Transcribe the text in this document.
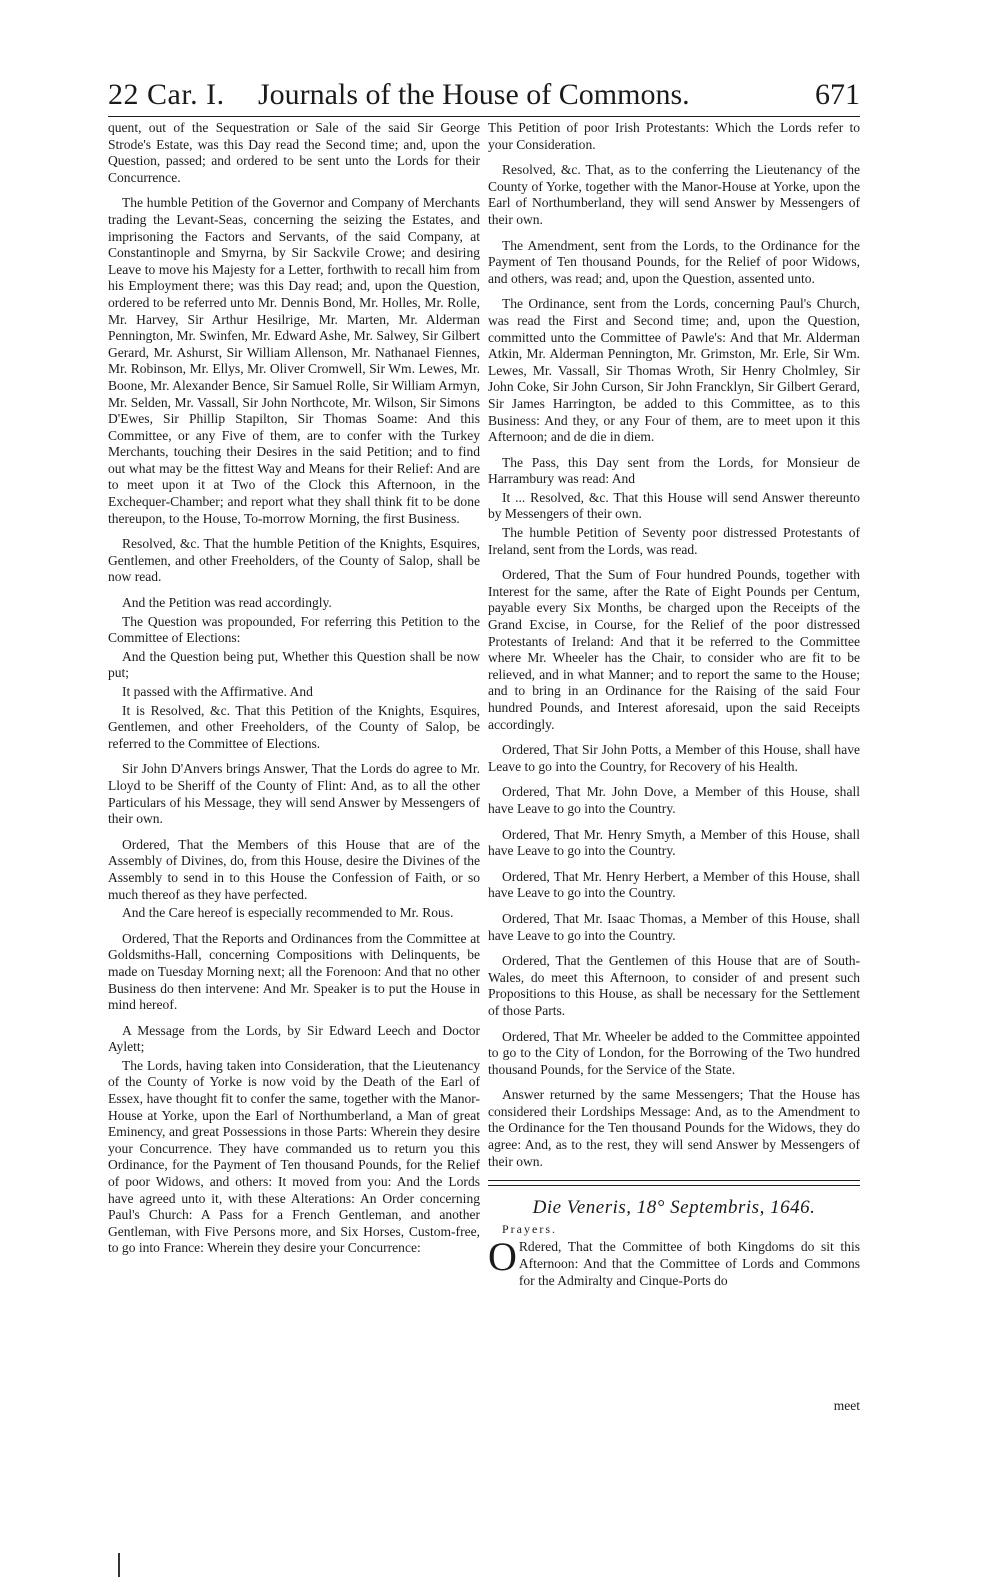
22 Car. I. Journals of the House of Commons.	671

quent, out of the Sequestration or Sale of the said Sir George Strode's Estate, was this Day read the Second time; and, upon the Question, passed; and ordered to be sent unto the Lords for their Concurrence.

The humble Petition of the Governor and Company of Merchants trading the Levant-Seas, concerning the seizing the Estates, and imprisoning the Factors and Servants, of the said Company, at Constantinople and Smyrna, by Sir Sackvile Crowe; and desiring Leave to move his Majesty for a Letter, forthwith to recall him from his Employment there; was this Day read; and, upon the Question, ordered to be referred unto Mr. Dennis Bond, Mr. Holles, Mr. Rolle, Mr. Harvey, Sir Arthur Hesilrige, Mr. Marten, Mr. Alderman Pennington, Mr. Swinfen, Mr. Edward Ashe, Mr. Salwey, Sir Gilbert Gerard, Mr. Ashurst, Sir William Allenson, Mr. Nathanael Fiennes, Mr. Robinson, Mr. Ellys, Mr. Oliver Cromwell, Sir Wm. Lewes, Mr. Boone, Mr. Alexander Bence, Sir Samuel Rolle, Sir William Armyn, Mr. Selden, Mr. Vassall, Sir John Northcote, Mr. Wilson, Sir Simons D'Ewes, Sir Phillip Stapilton, Sir Thomas Soame: And this Committee, or any Five of them, are to confer with the Turkey Merchants, touching their Desires in the said Petition; and to find out what may be the fittest Way and Means for their Relief: And are to meet upon it at Two of the Clock this Afternoon, in the Exchequer-Chamber; and report what they shall think fit to be done thereupon, to the House, To-morrow Morning, the first Business.

Resolved, &c. That the humble Petition of the Knights, Esquires, Gentlemen, and other Freeholders, of the County of Salop, shall be now read.

And the Petition was read accordingly.

The Question was propounded, For referring this Petition to the Committee of Elections:

And the Question being put, Whether this Question shall be now put;

It passed with the Affirmative. And

It is Resolved, &c. That this Petition of the Knights, Esquires, Gentlemen, and other Freeholders, of the County of Salop, be referred to the Committee of Elections.

Sir John D'Anvers brings Answer, That the Lords do agree to Mr. Lloyd to be Sheriff of the County of Flint: And, as to all the other Particulars of his Message, they will send Answer by Messengers of their own.

Ordered, That the Members of this House that are of the Assembly of Divines, do, from this House, desire the Divines of the Assembly to send in to this House the Confession of Faith, or so much thereof as they have perfected.

And the Care hereof is especially recommended to Mr. Rous.

Ordered, That the Reports and Ordinances from the Committee at Goldsmiths-Hall, concerning Compositions with Delinquents, be made on Tuesday Morning next; all the Forenoon: And that no other Business do then intervene: And Mr. Speaker is to put the House in mind hereof.

A Message from the Lords, by Sir Edward Leech and Doctor Aylett;

The Lords, having taken into Consideration, that the Lieutenancy of the County of Yorke is now void by the Death of the Earl of Essex, have thought fit to confer the same, together with the Manor-House at Yorke, upon the Earl of Northumberland, a Man of great Eminency, and great Possessions in those Parts: Wherein they desire your Concurrence. They have commanded us to return you this Ordinance, for the Payment of Ten thousand Pounds, for the Relief of poor Widows, and others: It moved from you: And the Lords have agreed unto it, with these Alterations: An Order concerning Paul's Church: A Pass for a French Gentleman, and another Gentleman, with Five Persons more, and Six Horses, Custom-free, to go into France: Wherein they desire your Concurrence:

This Petition of poor Irish Protestants: Which the Lords refer to your Consideration.

Resolved, &c. That, as to the conferring the Lieutenancy of the County of Yorke, together with the Manor-House at Yorke, upon the Earl of Northumberland, they will send Answer by Messengers of their own.

The Amendment, sent from the Lords, to the Ordinance for the Payment of Ten thousand Pounds, for the Relief of poor Widows, and others, was read; and, upon the Question, assented unto.

The Ordinance, sent from the Lords, concerning Paul's Church, was read the First and Second time; and, upon the Question, committed unto the Committee of Pawle's: And that Mr. Alderman Atkin, Mr. Alderman Pennington, Mr. Grimston, Mr. Erle, Sir Wm. Lewes, Mr. Vassall, Sir Thomas Wroth, Sir Henry Cholmley, Sir John Coke, Sir John Curson, Sir John Francklyn, Sir Gilbert Gerard, Sir James Harrington, be added to this Committee, as to this Business: And they, or any Four of them, are to meet upon it this Afternoon; and de die in diem.

The Pass, this Day sent from the Lords, for Monsieur de Harrambury was read: And

It ... Resolved, &c. That this House will send Answer thereunto by Messengers of their own.

The humble Petition of Seventy poor distressed Protestants of Ireland, sent from the Lords, was read.

Ordered, That the Sum of Four hundred Pounds, together with Interest for the same, after the Rate of Eight Pounds per Centum, payable every Six Months, be charged upon the Receipts of the Grand Excise, in Course, for the Relief of the poor distressed Protestants of Ireland: And that it be referred to the Committee where Mr. Wheeler has the Chair, to consider who are fit to be relieved, and in what Manner; and to report the same to the House; and to bring in an Ordinance for the Raising of the said Four hundred Pounds, and Interest aforesaid, upon the said Receipts accordingly.

Ordered, That Sir John Potts, a Member of this House, shall have Leave to go into the Country, for Recovery of his Health.

Ordered, That Mr. John Dove, a Member of this House, shall have Leave to go into the Country.

Ordered, That Mr. Henry Smyth, a Member of this House, shall have Leave to go into the Country.

Ordered, That Mr. Henry Herbert, a Member of this House, shall have Leave to go into the Country.

Ordered, That Mr. Isaac Thomas, a Member of this House, shall have Leave to go into the Country.

Ordered, That the Gentlemen of this House that are of South-Wales, do meet this Afternoon, to consider of and present such Propositions to this House, as shall be necessary for the Settlement of those Parts.

Ordered, That Mr. Wheeler be added to the Committee appointed to go to the City of London, for the Borrowing of the Two hundred thousand Pounds, for the Service of the State.

Answer returned by the same Messengers; That the House has considered their Lordships Message: And, as to the Amendment to the Ordinance for the Ten thousand Pounds for the Widows, they do agree: And, as to the rest, they will send Answer by Messengers of their own.

Die Veneris, 18° Septembris, 1646.
Prayers.

O Rdered, That the Committee of both Kingdoms do sit this Afternoon: And that the Committee of Lords and Commons for the Admiralty and Cinque-Ports do

meet
